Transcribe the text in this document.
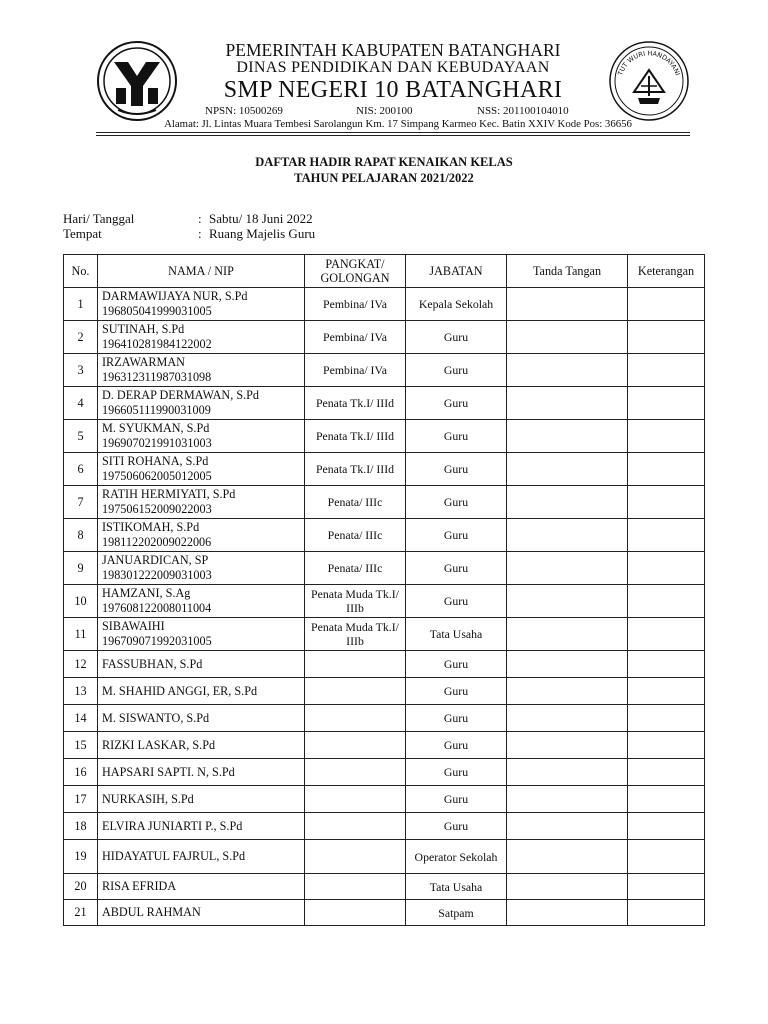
TUT WURI HANDAYANI
PEMERINTAH KABUPATEN BATANGHARI
DINAS PENDIDIKAN DAN KEBUDAYAAN
SMP NEGERI 10 BATANGHARI
NPSN: 10500269	NIS: 200100	NSS: 201100104010
Alamat: Jl. Lintas Muara Tembesi Sarolangun Km. 17 Simpang Karmeo Kec. Batin XXIV Kode Pos: 36656
DAFTAR HADIR RAPAT KENAIKAN KELAS
TAHUN PELAJARAN 2021/2022
Hari/ Tanggal	: Sabtu/ 18 Juni 2022
Tempat	: Ruang Majelis Guru
No.	NAMA / NIP	PANGKAT/ GOLONGAN	JABATAN	Tanda Tangan	Keterangan
1	DARMAWIJAYA NUR, S.Pd
196805041999031005	Pembina/ IVa	Kepala Sekolah		
2	SUTINAH, S.Pd
196410281984122002	Pembina/ IVa	Guru		
3	IRZAWARMAN
196312311987031098	Pembina/ IVa	Guru		
4	D. DERAP DERMAWAN, S.Pd
196605111990031009	Penata Tk.I/ IIId	Guru		
5	M. SYUKMAN, S.Pd
196907021991031003	Penata Tk.I/ IIId	Guru		
6	SITI ROHANA, S.Pd
197506062005012005	Penata Tk.I/ IIId	Guru		
7	RATIH HERMIYATI, S.Pd
197506152009022003	Penata/ IIIc	Guru		
8	ISTIKOMAH, S.Pd
198112202009022006	Penata/ IIIc	Guru		
9	JANUARDICAN, SP
198301222009031003	Penata/ IIIc	Guru		
10	HAMZANI, S.Ag
197608122008011004	Penata Muda Tk.I/ IIIb	Guru		
11	SIBAWAIHI
196709071992031005	Penata Muda Tk.I/ IIIb	Tata Usaha		
12	FASSUBHAN, S.Pd		Guru		
13	M. SHAHID ANGGI, ER, S.Pd		Guru		
14	M. SISWANTO, S.Pd		Guru		
15	RIZKI LASKAR, S.Pd		Guru		
16	HAPSARI SAPTI. N, S.Pd		Guru		
17	NURKASIH, S.Pd		Guru		
18	ELVIRA JUNIARTI P., S.Pd		Guru		
19	HIDAYATUL FAJRUL, S.Pd		Operator Sekolah		
20	RISA EFRIDA		Tata Usaha		
21	ABDUL RAHMAN		Satpam		
